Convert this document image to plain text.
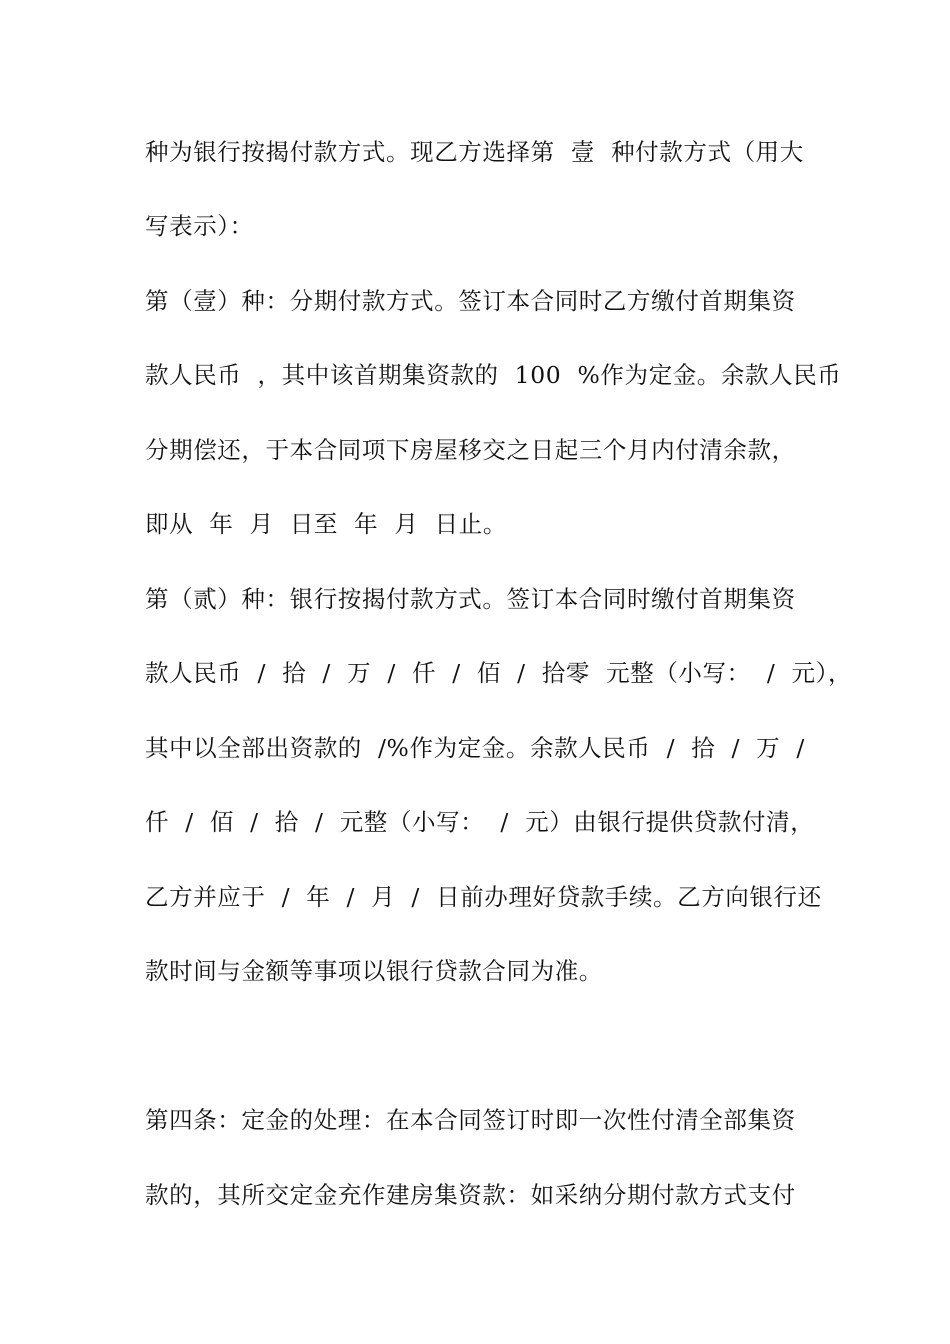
种为银行按揭付款方式。现乙方选择第  壹  种付款方式（用大
写表示）：
第（壹）种：分期付款方式。签订本合同时乙方缴付首期集资
款人民币  ，其中该首期集资款的  100  %作为定金。余款人民币
分期偿还，于本合同项下房屋移交之日起三个月内付清余款，
即从  年  月  日至  年  月  日止。
第（贰）种：银行按揭付款方式。签订本合同时缴付首期集资
款人民币  /  拾  /  万  /  仟  /  佰  /  拾零  元整（小写：  /  元），
其中以全部出资款的  /%作为定金。余款人民币  /  拾  /  万  /
仟  /  佰  /  拾  /  元整（小写：  /  元）由银行提供贷款付清，
乙方并应于  /  年  /  月  /  日前办理好贷款手续。乙方向银行还
款时间与金额等事项以银行贷款合同为准。
第四条：定金的处理：在本合同签订时即一次性付清全部集资
款的，其所交定金充作建房集资款：如采纳分期付款方式支付
